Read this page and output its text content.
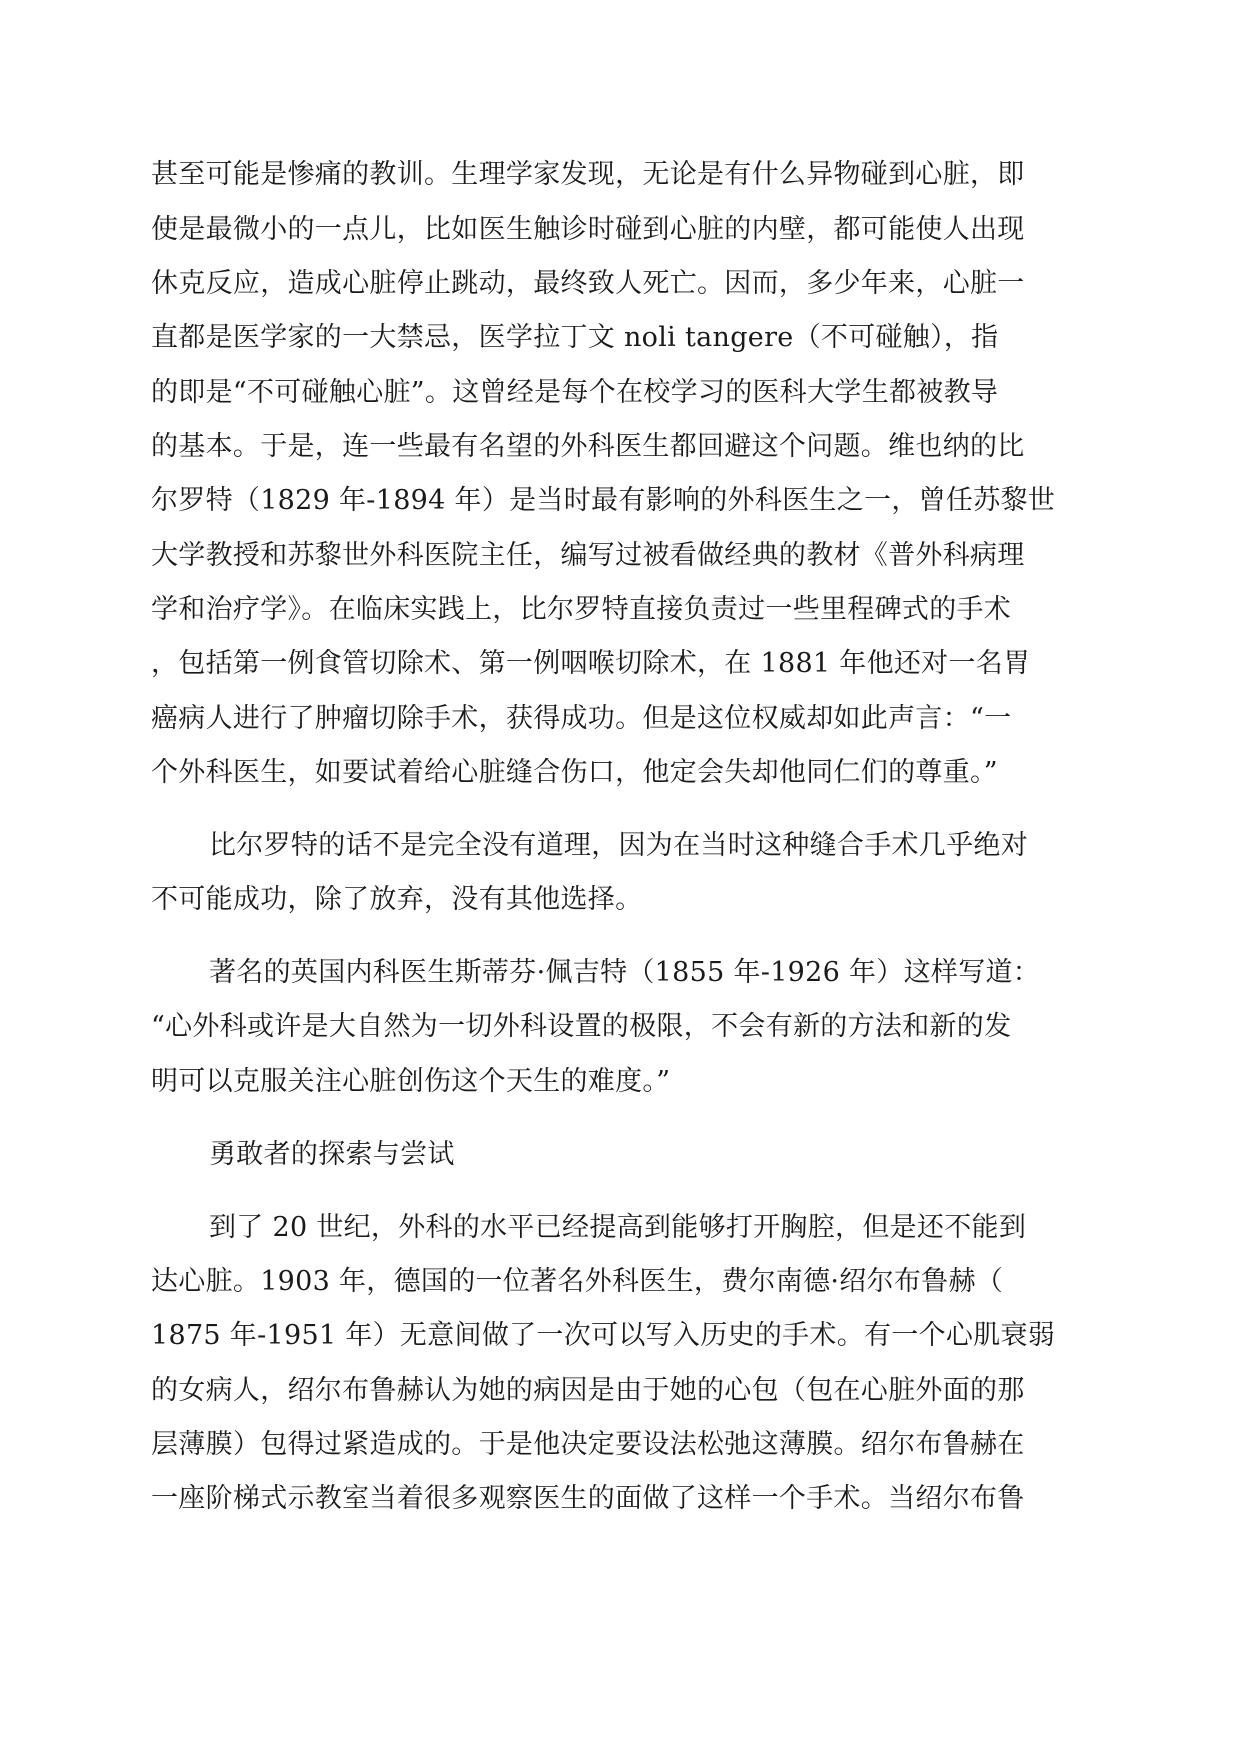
甚至可能是惨痛的教训。生理学家发现，无论是有什么异物碰到心脏，即
使是最微小的一点儿，比如医生触诊时碰到心脏的内壁，都可能使人出现
休克反应，造成心脏停止跳动，最终致人死亡。因而，多少年来，心脏一
直都是医学家的一大禁忌，医学拉丁文 noli tangere（不可碰触），指
的即是“不可碰触心脏”。这曾经是每个在校学习的医科大学生都被教导
的基本。于是，连一些最有名望的外科医生都回避这个问题。维也纳的比
尔罗特（1829 年-1894 年）是当时最有影响的外科医生之一，曾任苏黎世
大学教授和苏黎世外科医院主任，编写过被看做经典的教材《普外科病理
学和治疗学》。在临床实践上，比尔罗特直接负责过一些里程碑式的手术
，包括第一例食管切除术、第一例咽喉切除术，在 1881 年他还对一名胃
癌病人进行了肿瘤切除手术，获得成功。但是这位权威却如此声言：“一
个外科医生，如要试着给心脏缝合伤口，他定会失却他同仁们的尊重。”
比尔罗特的话不是完全没有道理，因为在当时这种缝合手术几乎绝对
不可能成功，除了放弃，没有其他选择。
著名的英国内科医生斯蒂芬·佩吉特（1855 年-1926 年）这样写道：
“心外科或许是大自然为一切外科设置的极限，不会有新的方法和新的发
明可以克服关注心脏创伤这个天生的难度。”
勇敢者的探索与尝试
到了 20 世纪，外科的水平已经提高到能够打开胸腔，但是还不能到
达心脏。1903 年，德国的一位著名外科医生，费尔南德·绍尔布鲁赫（
1875 年-1951 年）无意间做了一次可以写入历史的手术。有一个心肌衰弱
的女病人，绍尔布鲁赫认为她的病因是由于她的心包（包在心脏外面的那
层薄膜）包得过紧造成的。于是他决定要设法松弛这薄膜。绍尔布鲁赫在
一座阶梯式示教室当着很多观察医生的面做了这样一个手术。当绍尔布鲁
